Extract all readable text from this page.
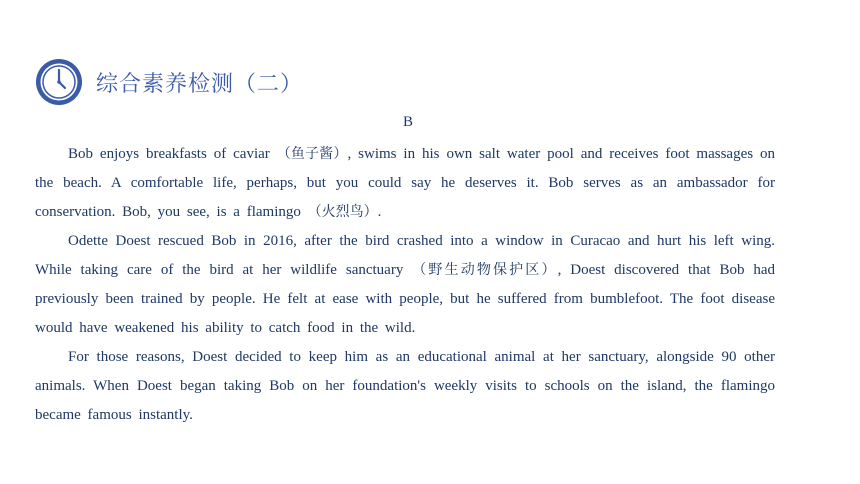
综合素养检测（二）
B

Bob enjoys breakfasts of caviar （鱼子酱）, swims in his own salt water pool and receives foot massages on the beach. A comfortable life, perhaps, but you could say he deserves it. Bob serves as an ambassador for conservation. Bob, you see, is a flamingo （火烈鸟）.

Odette Doest rescued Bob in 2016, after the bird crashed into a window in Curacao and hurt his left wing. While taking care of the bird at her wildlife sanctuary （野生动物保护区）, Doest discovered that Bob had previously been trained by people. He felt at ease with people, but he suffered from bumblefoot. The foot disease would have weakened his ability to catch food in the wild.

For those reasons, Doest decided to keep him as an educational animal at her sanctuary, alongside 90 other animals. When Doest began taking Bob on her foundation's weekly visits to schools on the island, the flamingo became famous instantly.
